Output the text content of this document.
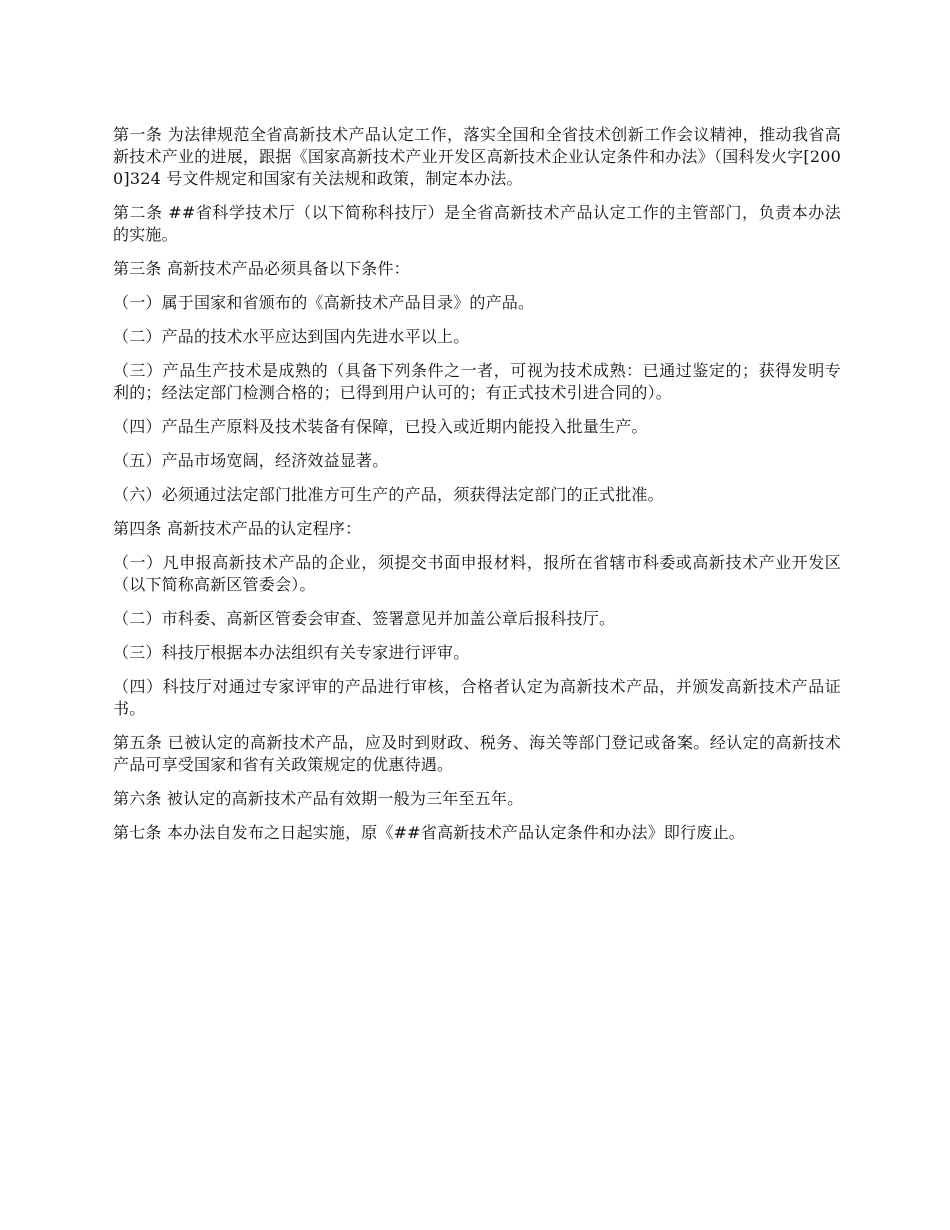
第一条 为法律规范全省高新技术产品认定工作，落实全国和全省技术创新工作会议精神，推动我省高新技术产业的进展，跟据《国家高新技术产业开发区高新技术企业认定条件和办法》（国科发火字[2000]324 号文件规定和国家有关法规和政策，制定本办法。

第二条 ##省科学技术厅（以下简称科技厅）是全省高新技术产品认定工作的主管部门，负责本办法的实施。

第三条 高新技术产品必须具备以下条件：

（一）属于国家和省颁布的《高新技术产品目录》的产品。

（二）产品的技术水平应达到国内先进水平以上。

（三）产品生产技术是成熟的（具备下列条件之一者，可视为技术成熟：已通过鉴定的；获得发明专利的；经法定部门检测合格的；已得到用户认可的；有正式技术引进合同的）。

（四）产品生产原料及技术装备有保障，已投入或近期内能投入批量生产。

（五）产品市场宽阔，经济效益显著。

（六）必须通过法定部门批准方可生产的产品，须获得法定部门的正式批准。

第四条 高新技术产品的认定程序：

（一）凡申报高新技术产品的企业，须提交书面申报材料，报所在省辖市科委或高新技术产业开发区（以下简称高新区管委会）。

（二）市科委、高新区管委会审查、签署意见并加盖公章后报科技厅。

（三）科技厅根据本办法组织有关专家进行评审。

（四）科技厅对通过专家评审的产品进行审核，合格者认定为高新技术产品，并颁发高新技术产品证书。

第五条 已被认定的高新技术产品，应及时到财政、税务、海关等部门登记或备案。经认定的高新技术产品可享受国家和省有关政策规定的优惠待遇。

第六条 被认定的高新技术产品有效期一般为三年至五年。

第七条 本办法自发布之日起实施，原《##省高新技术产品认定条件和办法》即行废止。
